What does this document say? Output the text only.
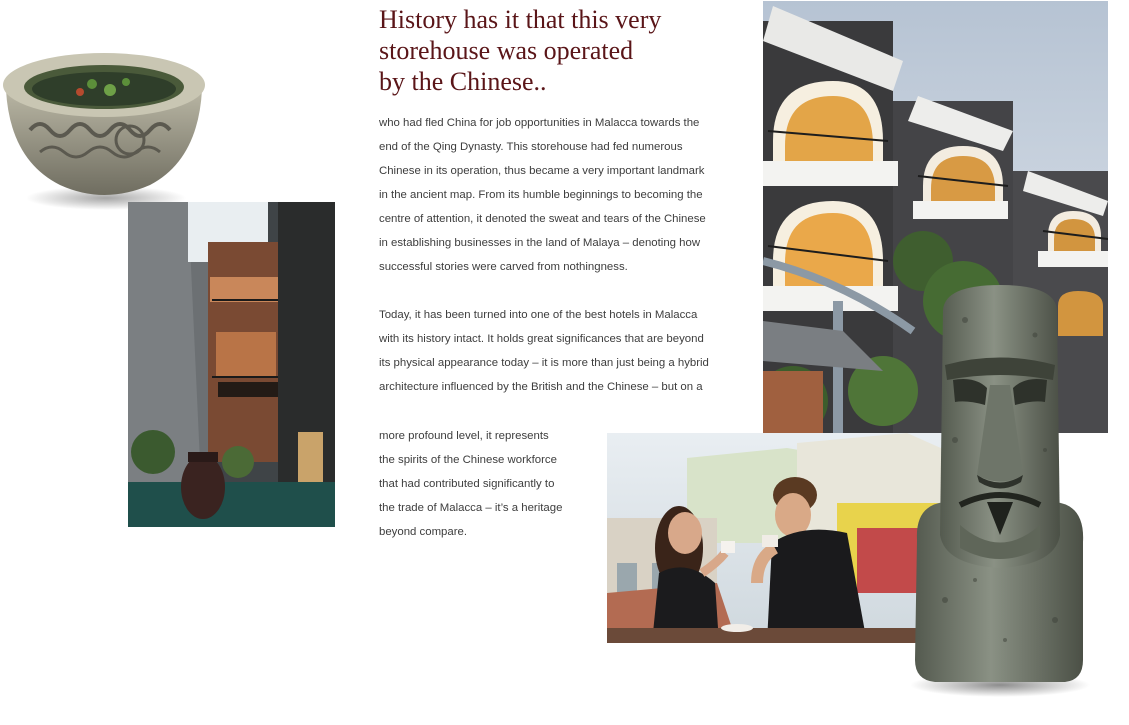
History has it that this very
storehouse was operated
by the Chinese..
who had fled China for job opportunities in Malacca towards the
end of the Qing Dynasty. This storehouse had fed numerous
Chinese in its operation, thus became a very important landmark
in the ancient map. From its humble beginnings to becoming the
centre of attention, it denoted the sweat and tears of the Chinese
in establishing businesses in the land of Malaya – denoting how
successful stories were carved from nothingness.
Today, it has been turned into one of the best hotels in Malacca
with its history intact. It holds great significances that are beyond
its physical appearance today – it is more than just being a hybrid
architecture influenced by the British and the Chinese – but on a
more profound level, it represents
the spirits of the Chinese workforce
that had contributed significantly to
the trade of Malacca – it’s a heritage
beyond compare.
